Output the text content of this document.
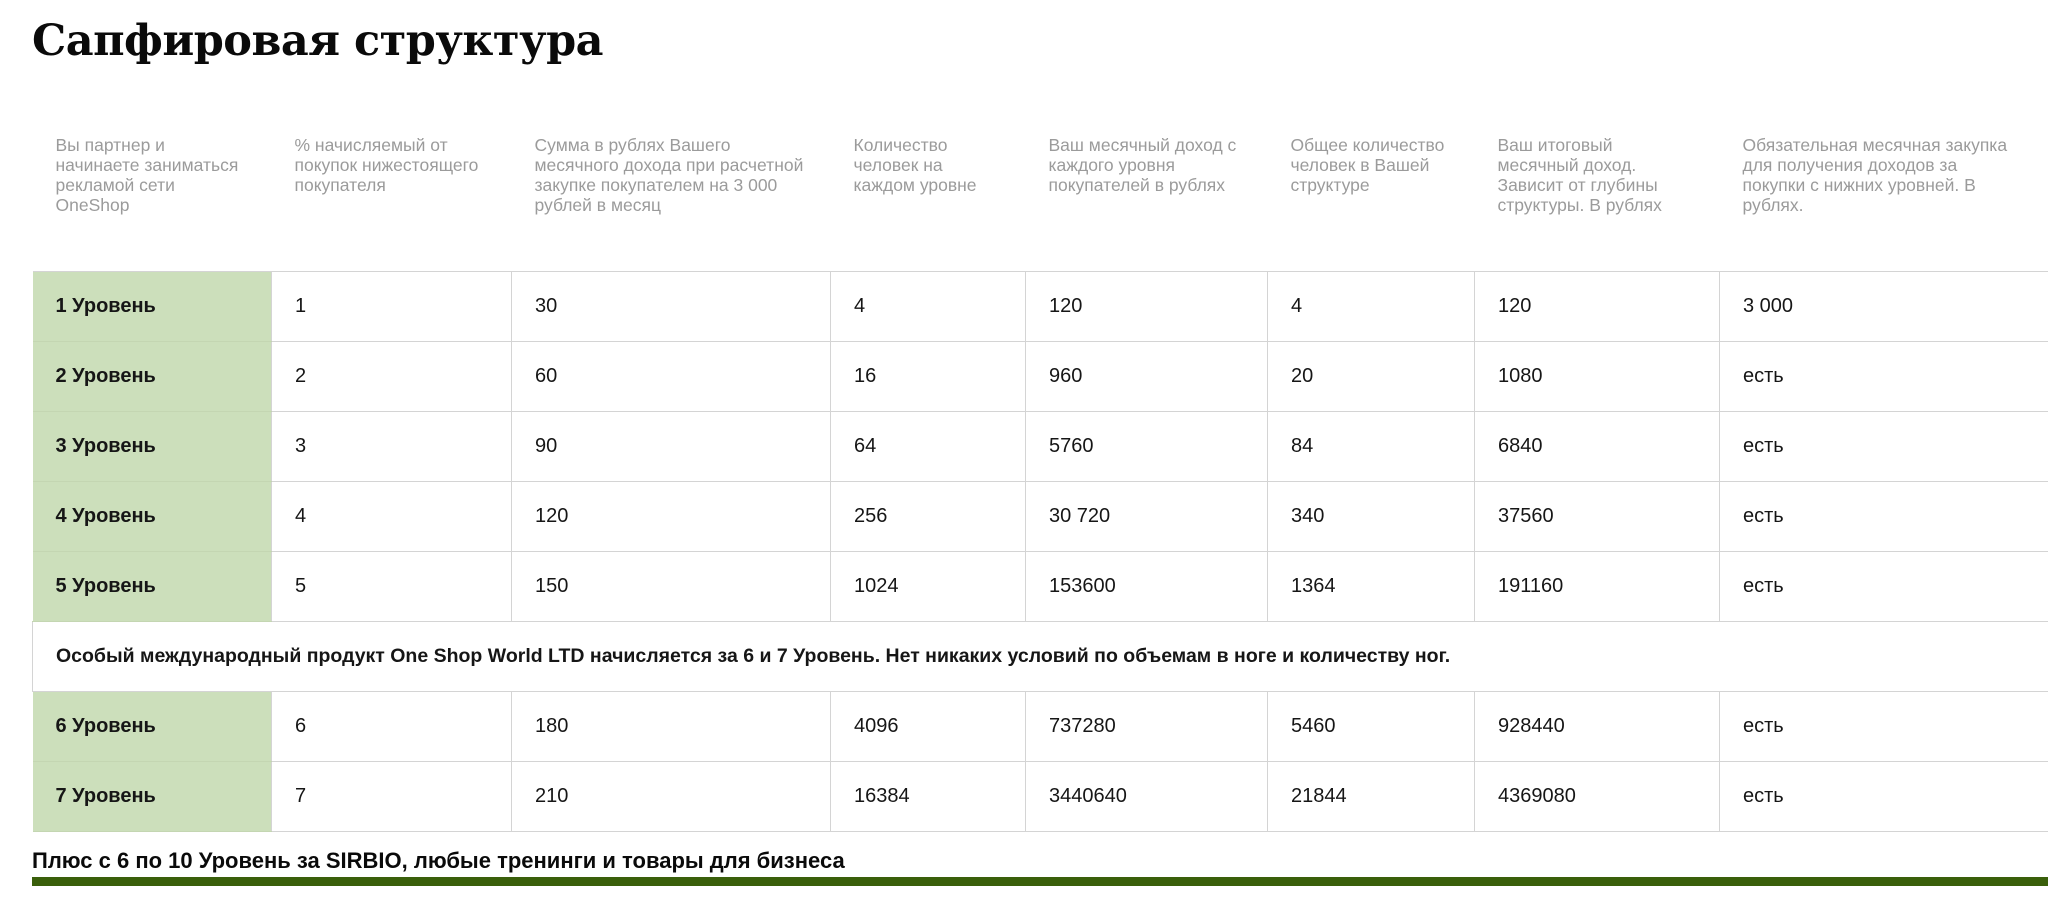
Сапфировая структура
Вы партнер и начинаете заниматься рекламой сети OneShop	% начисляемый от покупок нижестоящего покупателя	Сумма в рублях Вашего месячного дохода при расчетной закупке покупателем на 3 000 рублей в месяц	Количество человек на каждом уровне	Ваш месячный доход с каждого уровня покупателей в рублях	Общее количество человек в Вашей структуре	Ваш итоговый месячный доход. Зависит от глубины структуры. В рублях	Обязательная месячная закупка для получения доходов за покупки с нижних уровней. В рублях.
1 Уровень	1	30	4	120	4	120	3 000
2 Уровень	2	60	16	960	20	1080	есть
3 Уровень	3	90	64	5760	84	6840	есть
4 Уровень	4	120	256	30 720	340	37560	есть
5 Уровень	5	150	1024	153600	1364	191160	есть
Особый международный продукт One Shop World LTD начисляется за 6 и 7 Уровень. Нет никаких условий по объемам в ноге и количеству ног.							
6 Уровень	6	180	4096	737280	5460	928440	есть
7 Уровень	7	210	16384	3440640	21844	4369080	есть
Плюс с 6 по 10 Уровень за SIRBIO, любые тренинги и товары для бизнеса
